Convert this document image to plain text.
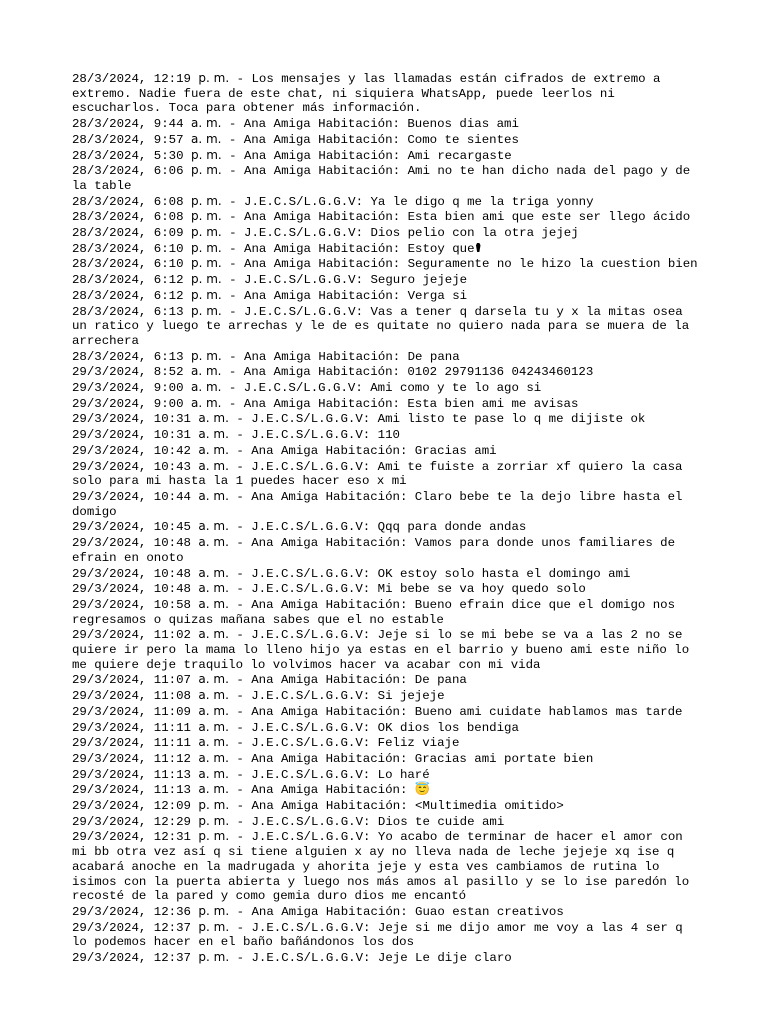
28/3/2024, 12:19 p. m. - Los mensajes y las llamadas están cifrados de extremo a extremo. Nadie fuera de este chat, ni siquiera WhatsApp, puede leerlos ni escucharlos. Toca para obtener más información.
28/3/2024, 9:44 a. m. - Ana Amiga Habitación: Buenos dias ami
28/3/2024, 9:57 a. m. - Ana Amiga Habitación: Como te sientes
28/3/2024, 5:30 p. m. - Ana Amiga Habitación: Ami recargaste
28/3/2024, 6:06 p. m. - Ana Amiga Habitación: Ami no te han dicho nada del pago y de la table
28/3/2024, 6:08 p. m. - J.E.C.S/L.G.G.V: Ya le digo q me la triga yonny
28/3/2024, 6:08 p. m. - Ana Amiga Habitación: Esta bien ami que este ser llego ácido
28/3/2024, 6:09 p. m. - J.E.C.S/L.G.G.V: Dios pelio con la otra jejej
28/3/2024, 6:10 p. m. - Ana Amiga Habitación: Estoy que⚰
28/3/2024, 6:10 p. m. - Ana Amiga Habitación: Seguramente no le hizo la cuestion bien
28/3/2024, 6:12 p. m. - J.E.C.S/L.G.G.V: Seguro jejeje
28/3/2024, 6:12 p. m. - Ana Amiga Habitación: Verga si
28/3/2024, 6:13 p. m. - J.E.C.S/L.G.G.V: Vas a tener q darsela tu y x la mitas osea un ratico y luego te arrechas y le de es quitate no quiero nada para se muera de la arrechera
28/3/2024, 6:13 p. m. - Ana Amiga Habitación: De pana
29/3/2024, 8:52 a. m. - Ana Amiga Habitación: 0102 29791136 04243460123
29/3/2024, 9:00 a. m. - J.E.C.S/L.G.G.V: Ami como y te lo ago si
29/3/2024, 9:00 a. m. - Ana Amiga Habitación: Esta bien ami me avisas
29/3/2024, 10:31 a. m. - J.E.C.S/L.G.G.V: Ami listo te pase lo q me dijiste ok
29/3/2024, 10:31 a. m. - J.E.C.S/L.G.G.V: 110
29/3/2024, 10:42 a. m. - Ana Amiga Habitación: Gracias ami
29/3/2024, 10:43 a. m. - J.E.C.S/L.G.G.V: Ami te fuiste a zorriar xf quiero la casa solo para mi hasta la 1 puedes hacer eso x mi
29/3/2024, 10:44 a. m. - Ana Amiga Habitación: Claro bebe te la dejo libre hasta el domigo
29/3/2024, 10:45 a. m. - J.E.C.S/L.G.G.V: Qqq para donde andas
29/3/2024, 10:48 a. m. - Ana Amiga Habitación: Vamos para donde unos familiares de efrain en onoto
29/3/2024, 10:48 a. m. - J.E.C.S/L.G.G.V: OK estoy solo hasta el domingo ami
29/3/2024, 10:48 a. m. - J.E.C.S/L.G.G.V: Mi bebe se va hoy quedo solo
29/3/2024, 10:58 a. m. - Ana Amiga Habitación: Bueno efrain dice que el domigo nos regresamos o quizas mañana sabes que el no estable
29/3/2024, 11:02 a. m. - J.E.C.S/L.G.G.V: Jeje si lo se mi bebe se va a las 2 no se quiere ir pero la mama lo lleno hijo ya estas en el barrio y bueno ami este niño lo me quiere deje traquilo lo volvimos hacer va acabar con mi vida
29/3/2024, 11:07 a. m. - Ana Amiga Habitación: De pana
29/3/2024, 11:08 a. m. - J.E.C.S/L.G.G.V: Si jejeje
29/3/2024, 11:09 a. m. - Ana Amiga Habitación: Bueno ami cuidate hablamos mas tarde
29/3/2024, 11:11 a. m. - J.E.C.S/L.G.G.V: OK dios los bendiga
29/3/2024, 11:11 a. m. - J.E.C.S/L.G.G.V: Feliz viaje
29/3/2024, 11:12 a. m. - Ana Amiga Habitación: Gracias ami portate bien
29/3/2024, 11:13 a. m. - J.E.C.S/L.G.G.V: Lo haré
29/3/2024, 11:13 a. m. - Ana Amiga Habitación: 😇
29/3/2024, 12:09 p. m. - Ana Amiga Habitación: <Multimedia omitido>
29/3/2024, 12:29 p. m. - J.E.C.S/L.G.G.V: Dios te cuide ami
29/3/2024, 12:31 p. m. - J.E.C.S/L.G.G.V: Yo acabo de terminar de hacer el amor con mi bb otra vez así q si tiene alguien x ay no lleva nada de leche jejeje xq ise q acabará anoche en la madrugada y ahorita jeje y esta ves cambiamos de rutina lo isimos con la puerta abierta y luego nos más amos al pasillo y se lo ise paredón lo recosté de la pared y como gemia duro dios me encantó
29/3/2024, 12:36 p. m. - Ana Amiga Habitación: Guao estan creativos
29/3/2024, 12:37 p. m. - J.E.C.S/L.G.G.V: Jeje si me dijo amor me voy a las 4 ser q lo podemos hacer en el baño bañándonos los dos
29/3/2024, 12:37 p. m. - J.E.C.S/L.G.G.V: Jeje Le dije claro
